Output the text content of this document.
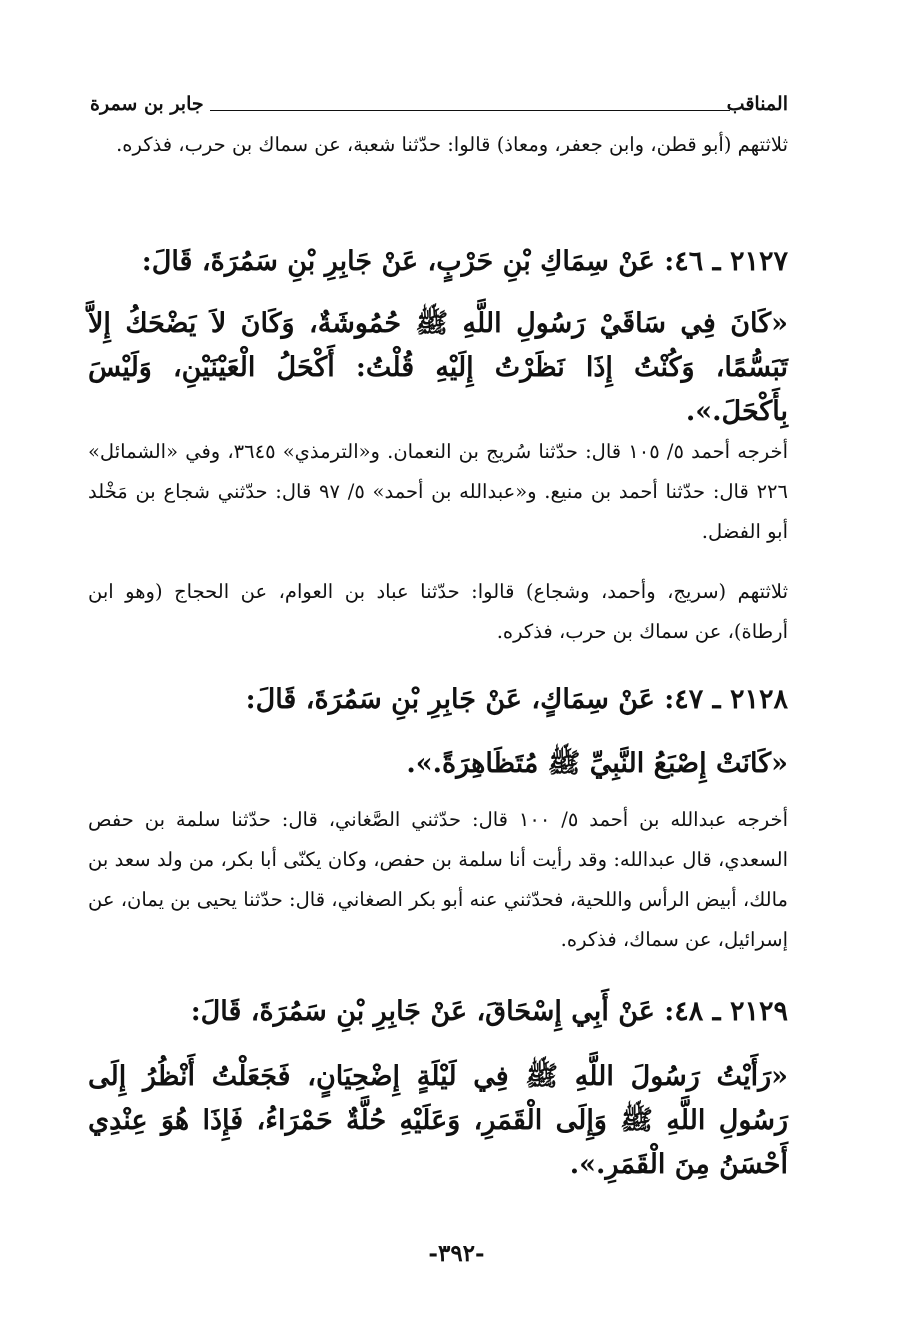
المناقب
جابر بن سمرة

ثلاثتهم (أبو قطن، وابن جعفر، ومعاذ) قالوا: حدّثنا شعبة، عن سماك بن حرب، فذكره.

٢١٢٧ ـ ٤٦: عَنْ سِمَاكِ بْنِ حَرْبٍ، عَنْ جَابِرِ بْنِ سَمُرَةَ، قَالَ:

«كَانَ فِي سَاقَيْ رَسُولِ اللَّهِ ﷺ حُمُوشَةٌ، وَكَانَ لاَ يَضْحَكُ إِلاَّ تَبَسُّمًا، وَكُنْتُ إِذَا نَظَرْتُ إِلَيْهِ قُلْتُ: أَكْحَلُ الْعَيْنَيْنِ، وَلَيْسَ بِأَكْحَلَ.».

أخرجه أحمد ٥/ ١٠٥ قال: حدّثنا سُريج بن النعمان. و«الترمذي» ٣٦٤٥، وفي «الشمائل» ٢٢٦ قال: حدّثنا أحمد بن منيع. و«عبدالله بن أحمد» ٥/ ٩٧ قال: حدّثني شجاع بن مَخْلد أبو الفضل.

ثلاثتهم (سريج، وأحمد، وشجاع) قالوا: حدّثنا عباد بن العوام، عن الحجاج (وهو ابن أرطاة)، عن سماك بن حرب، فذكره.

٢١٢٨ ـ ٤٧: عَنْ سِمَاكٍ، عَنْ جَابِرِ بْنِ سَمُرَةَ، قَالَ:

«كَانَتْ إِصْبَعُ النَّبِيِّ ﷺ مُتَظَاهِرَةً.».

أخرجه عبدالله بن أحمد ٥/ ١٠٠ قال: حدّثني الصَّغاني، قال: حدّثنا سلمة بن حفص السعدي، قال عبدالله: وقد رأيت أنا سلمة بن حفص، وكان يكنّى أبا بكر، من ولد سعد بن مالك، أبيض الرأس واللحية، فحدّثني عنه أبو بكر الصغاني، قال: حدّثنا يحيى بن يمان، عن إسرائيل، عن سماك، فذكره.

٢١٢٩ ـ ٤٨: عَنْ أَبِي إِسْحَاقَ، عَنْ جَابِرِ بْنِ سَمُرَةَ، قَالَ:

«رَأَيْتُ رَسُولَ اللَّهِ ﷺ فِي لَيْلَةٍ إِضْحِيَانٍ، فَجَعَلْتُ أَنْظُرُ إِلَى رَسُولِ اللَّهِ ﷺ وَإِلَى الْقَمَرِ، وَعَلَيْهِ حُلَّةٌ حَمْرَاءُ، فَإِذَا هُوَ عِنْدِي أَحْسَنُ مِنَ الْقَمَرِ.».

-٣٩٢-
